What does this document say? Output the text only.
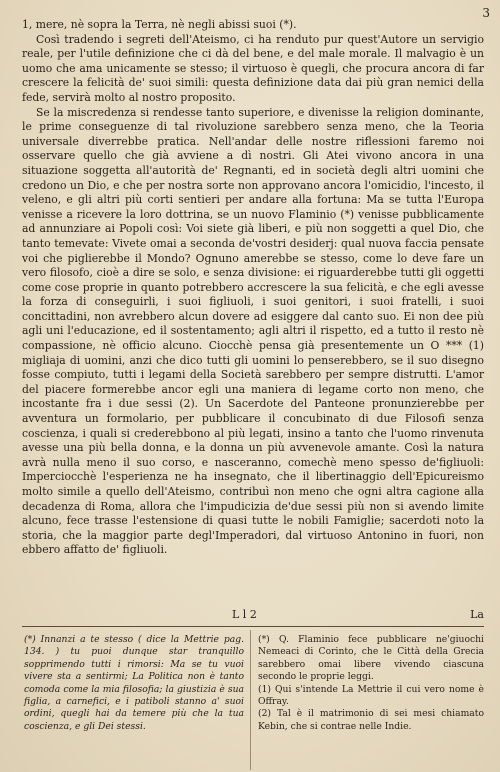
3

1, mere, nè sopra la Terra, nè negli abissi suoi (*).

Così tradendo i segreti dell'Ateismo, ci ha renduto pur quest'Autore un servigio reale, per l'utile definizione che ci dà del bene, e del male morale. Il malvagio è un uomo che ama unicamente se stesso; il virtuoso è quegli, che procura ancora di far crescere la felicità de' suoi simili: questa definizione data dai più gran nemici della fede, servirà molto al nostro proposito.

Se la miscredenza si rendesse tanto superiore, e divenisse la religion dominante, le prime conseguenze di tal rivoluzione sarebbero senza meno, che la Teoria universale diverrebbe pratica. Nell'andar delle nostre riflessioni faremo noi osservare quello che già avviene a dì nostri. Gli Atei vivono ancora in una situazione soggetta all'autorità de' Regnanti, ed in società degli altri uomini che credono un Dio, e che per nostra sorte non approvano ancora l'omicidio, l'incesto, il veleno, e gli altri più corti sentieri per andare alla fortuna: Ma se tutta l'Europa venisse a ricevere la loro dottrina, se un nuovo Flaminio (*) venisse pubblicamente ad annunziare ai Popoli così: Voi siete già liberi, e più non soggetti a quel Dio, che tanto temevate: Vivete omai a seconda de'vostri desiderj: qual nuova faccia pensate voi che piglierebbe il Mondo? Ognuno amerebbe se stesso, come lo deve fare un vero filosofo, cioè a dire se solo, e senza divisione: ei riguarderebbe tutti gli oggetti come cose proprie in quanto potrebbero accrescere la sua felicità, e che egli avesse la forza di conseguirli, i suoi figliuoli, i suoi genitori, i suoi fratelli, i suoi concittadini, non avrebbero alcun dovere ad esiggere dal canto suo. Ei non dee più agli uni l'educazione, ed il sostentamento; agli altri il rispetto, ed a tutto il resto nè compassione, nè officio alcuno. Ciocchè pensa già presentemente un O *** (1) migliaja di uomini, anzi che dico tutti gli uomini lo penserebbero, se il suo disegno fosse compiuto, tutti i legami della Società sarebbero per sempre distrutti. L'amor del piacere formerebbe ancor egli una maniera di legame corto non meno, che incostante fra i due sessi (2). Un Sacerdote del Panteone pronunzierebbe per avventura un formolario, per pubblicare il concubinato di due Filosofi senza coscienza, i quali si crederebbono al più legati, insino a tanto che l'uomo rinvenuta avesse una più bella donna, e la donna un più avvenevole amante. Così la natura avrà nulla meno il suo corso, e nasceranno, comechè meno spesso de'figliuoli: Imperciocchè l'esperienza ne ha insegnato, che il libertinaggio dell'Epicureismo molto simile a quello dell'Ateismo, contribuì non meno che ogni altra cagione alla decadenza di Roma, allora che l'impudicizia de'due sessi più non si avendo limite alcuno, fece trasse l'estensione di quasi tutte le nobili Famiglie; sacerdoti noto la storia, che la maggior parte degl'Imperadori, dal virtuoso Antonino in fuori, non ebbero affatto de' figliuoli.

L l 2	La

(*) Innanzi a te stesso ( dice la Mettrie pag. 134. ) tu puoi dunque star tranquillo sopprimendo tutti i rimorsi: Ma se tu vuoi vivere sta a sentirmi; La Politica non è tanto comoda come la mia filosofia; la giustizia è sua figlia, a carnefici, e i patiboli stanno a' suoi ordini, quegli hai da temere più che la tua coscienza, e gli Dei stessi.

(*) Q. Flaminio fece pubblicare ne'giuochi Nemeaci di Corinto, che le Città della Grecia sarebbero omai libere vivendo ciascuna secondo le proprie leggi.

(1) Qui s'intende La Mettrie il cui vero nome è Offray.

(2) Tal è il matrimonio di sei mesi chiamato Kebin, che si contrae nelle Indie.
